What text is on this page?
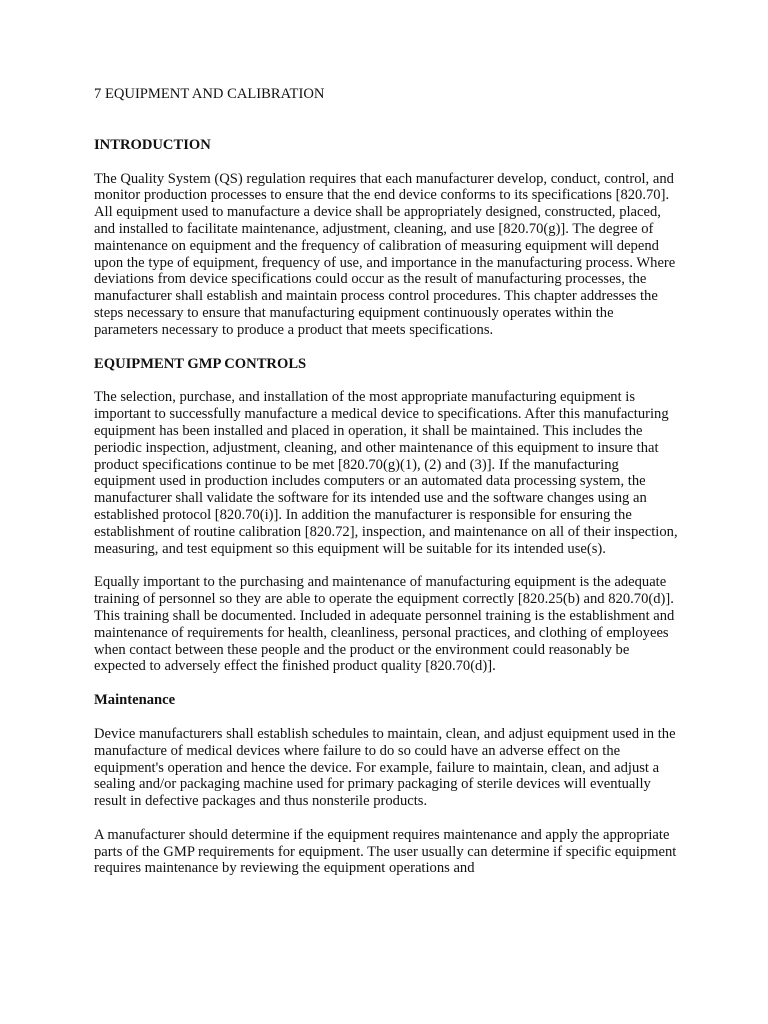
7 EQUIPMENT AND CALIBRATION
INTRODUCTION

The Quality System (QS) regulation requires that each manufacturer develop, conduct, control, and monitor production processes to ensure that the end device conforms to its specifications [820.70]. All equipment used to manufacture a device shall be appropriately designed, constructed, placed, and installed to facilitate maintenance, adjustment, cleaning, and use [820.70(g)]. The degree of maintenance on equipment and the frequency of calibration of measuring equipment will depend upon the type of equipment, frequency of use, and importance in the manufacturing process. Where deviations from device specifications could occur as the result of manufacturing processes, the manufacturer shall establish and maintain process control procedures. This chapter addresses the steps necessary to ensure that manufacturing equipment continuously operates within the parameters necessary to produce a product that meets specifications.

EQUIPMENT GMP CONTROLS

The selection, purchase, and installation of the most appropriate manufacturing equipment is important to successfully manufacture a medical device to specifications. After this manufacturing equipment has been installed and placed in operation, it shall be maintained. This includes the periodic inspection, adjustment, cleaning, and other maintenance of this equipment to insure that product specifications continue to be met [820.70(g)(1), (2) and (3)]. If the manufacturing equipment used in production includes computers or an automated data processing system, the manufacturer shall validate the software for its intended use and the software changes using an established protocol [820.70(i)]. In addition the manufacturer is responsible for ensuring the establishment of routine calibration [820.72], inspection, and maintenance on all of their inspection, measuring, and test equipment so this equipment will be suitable for its intended use(s).

Equally important to the purchasing and maintenance of manufacturing equipment is the adequate training of personnel so they are able to operate the equipment correctly [820.25(b) and 820.70(d)]. This training shall be documented. Included in adequate personnel training is the establishment and maintenance of requirements for health, cleanliness, personal practices, and clothing of employees when contact between these people and the product or the environment could reasonably be expected to adversely effect the finished product quality [820.70(d)].

Maintenance

Device manufacturers shall establish schedules to maintain, clean, and adjust equipment used in the manufacture of medical devices where failure to do so could have an adverse effect on the equipment's operation and hence the device. For example, failure to maintain, clean, and adjust a sealing and/or packaging machine used for primary packaging of sterile devices will eventually result in defective packages and thus nonsterile products.

A manufacturer should determine if the equipment requires maintenance and apply the appropriate parts of the GMP requirements for equipment. The user usually can determine if specific equipment requires maintenance by reviewing the equipment operations and
